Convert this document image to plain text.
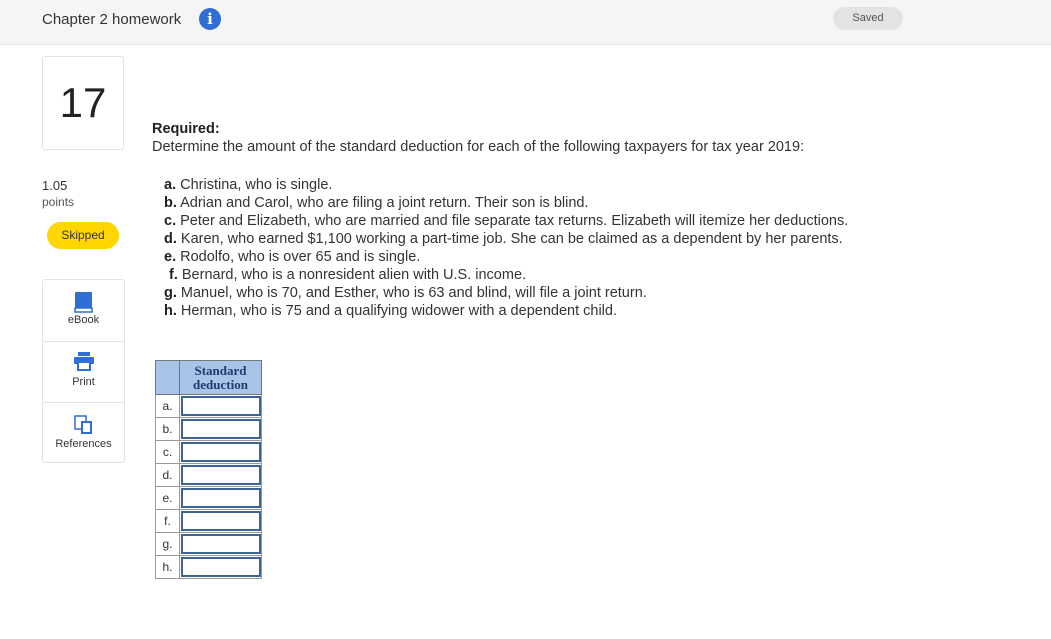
Chapter 2 homework	i	Saved
17
1.05
points
Skipped
eBook
Print
References
Required:
Determine the amount of the standard deduction for each of the following taxpayers for tax year 2019:
a. Christina, who is single.
b. Adrian and Carol, who are filing a joint return. Their son is blind.
c. Peter and Elizabeth, who are married and file separate tax returns. Elizabeth will itemize her deductions.
d. Karen, who earned $1,100 working a part-time job. She can be claimed as a dependent by her parents.
e. Rodolfo, who is over 65 and is single.
f. Bernard, who is a nonresident alien with U.S. income.
g. Manuel, who is 70, and Esther, who is 63 and blind, will file a joint return.
h. Herman, who is 75 and a qualifying widower with a dependent child.
	Standard
deduction
a.	

b.	

c.	

d.	

e.	

f.	

g.	

h.	
